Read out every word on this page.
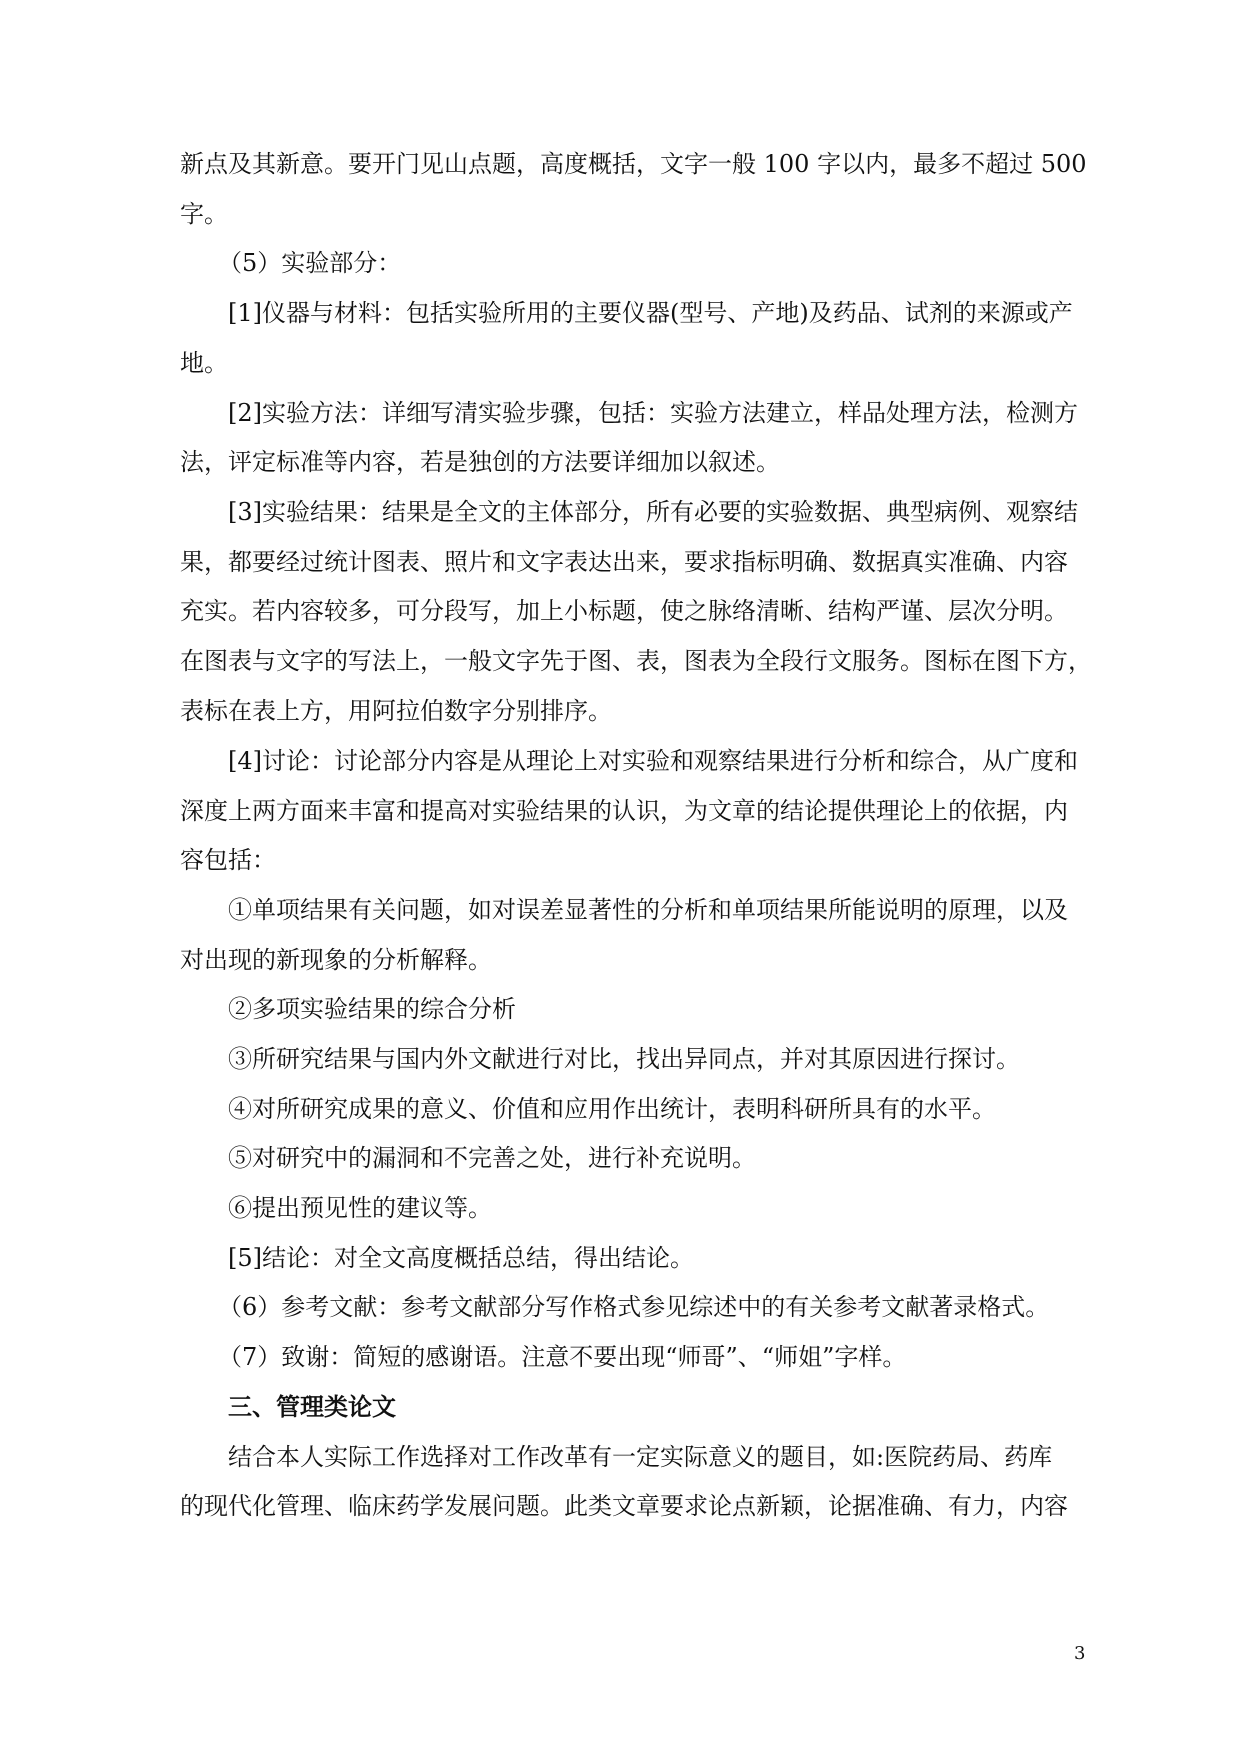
新点及其新意。要开门见山点题，高度概括，文字一般 100 字以内，最多不超过 500

字。

（5）实验部分：

[1]仪器与材料：包括实验所用的主要仪器(型号、产地)及药品、试剂的来源或产

地。

[2]实验方法：详细写清实验步骤，包括：实验方法建立，样品处理方法，检测方

法，评定标准等内容，若是独创的方法要详细加以叙述。

[3]实验结果：结果是全文的主体部分，所有必要的实验数据、典型病例、观察结

果，都要经过统计图表、照片和文字表达出来，要求指标明确、数据真实准确、内容

充实。若内容较多，可分段写，加上小标题，使之脉络清晰、结构严谨、层次分明。

在图表与文字的写法上，一般文字先于图、表，图表为全段行文服务。图标在图下方，

表标在表上方，用阿拉伯数字分别排序。

[4]讨论：讨论部分内容是从理论上对实验和观察结果进行分析和综合，从广度和

深度上两方面来丰富和提高对实验结果的认识，为文章的结论提供理论上的依据，内

容包括：

①单项结果有关问题，如对误差显著性的分析和单项结果所能说明的原理，以及

对出现的新现象的分析解释。

②多项实验结果的综合分析

③所研究结果与国内外文献进行对比，找出异同点，并对其原因进行探讨。

④对所研究成果的意义、价值和应用作出统计，表明科研所具有的水平。

⑤对研究中的漏洞和不完善之处，进行补充说明。

⑥提出预见性的建议等。

[5]结论：对全文高度概括总结，得出结论。

（6）参考文献：参考文献部分写作格式参见综述中的有关参考文献著录格式。

（7）致谢：简短的感谢语。注意不要出现“师哥”、“师姐”字样。

三、管理类论文

结合本人实际工作选择对工作改革有一定实际意义的题目，如:医院药局、药库

的现代化管理、临床药学发展问题。此类文章要求论点新颖，论据准确、有力，内容

3
